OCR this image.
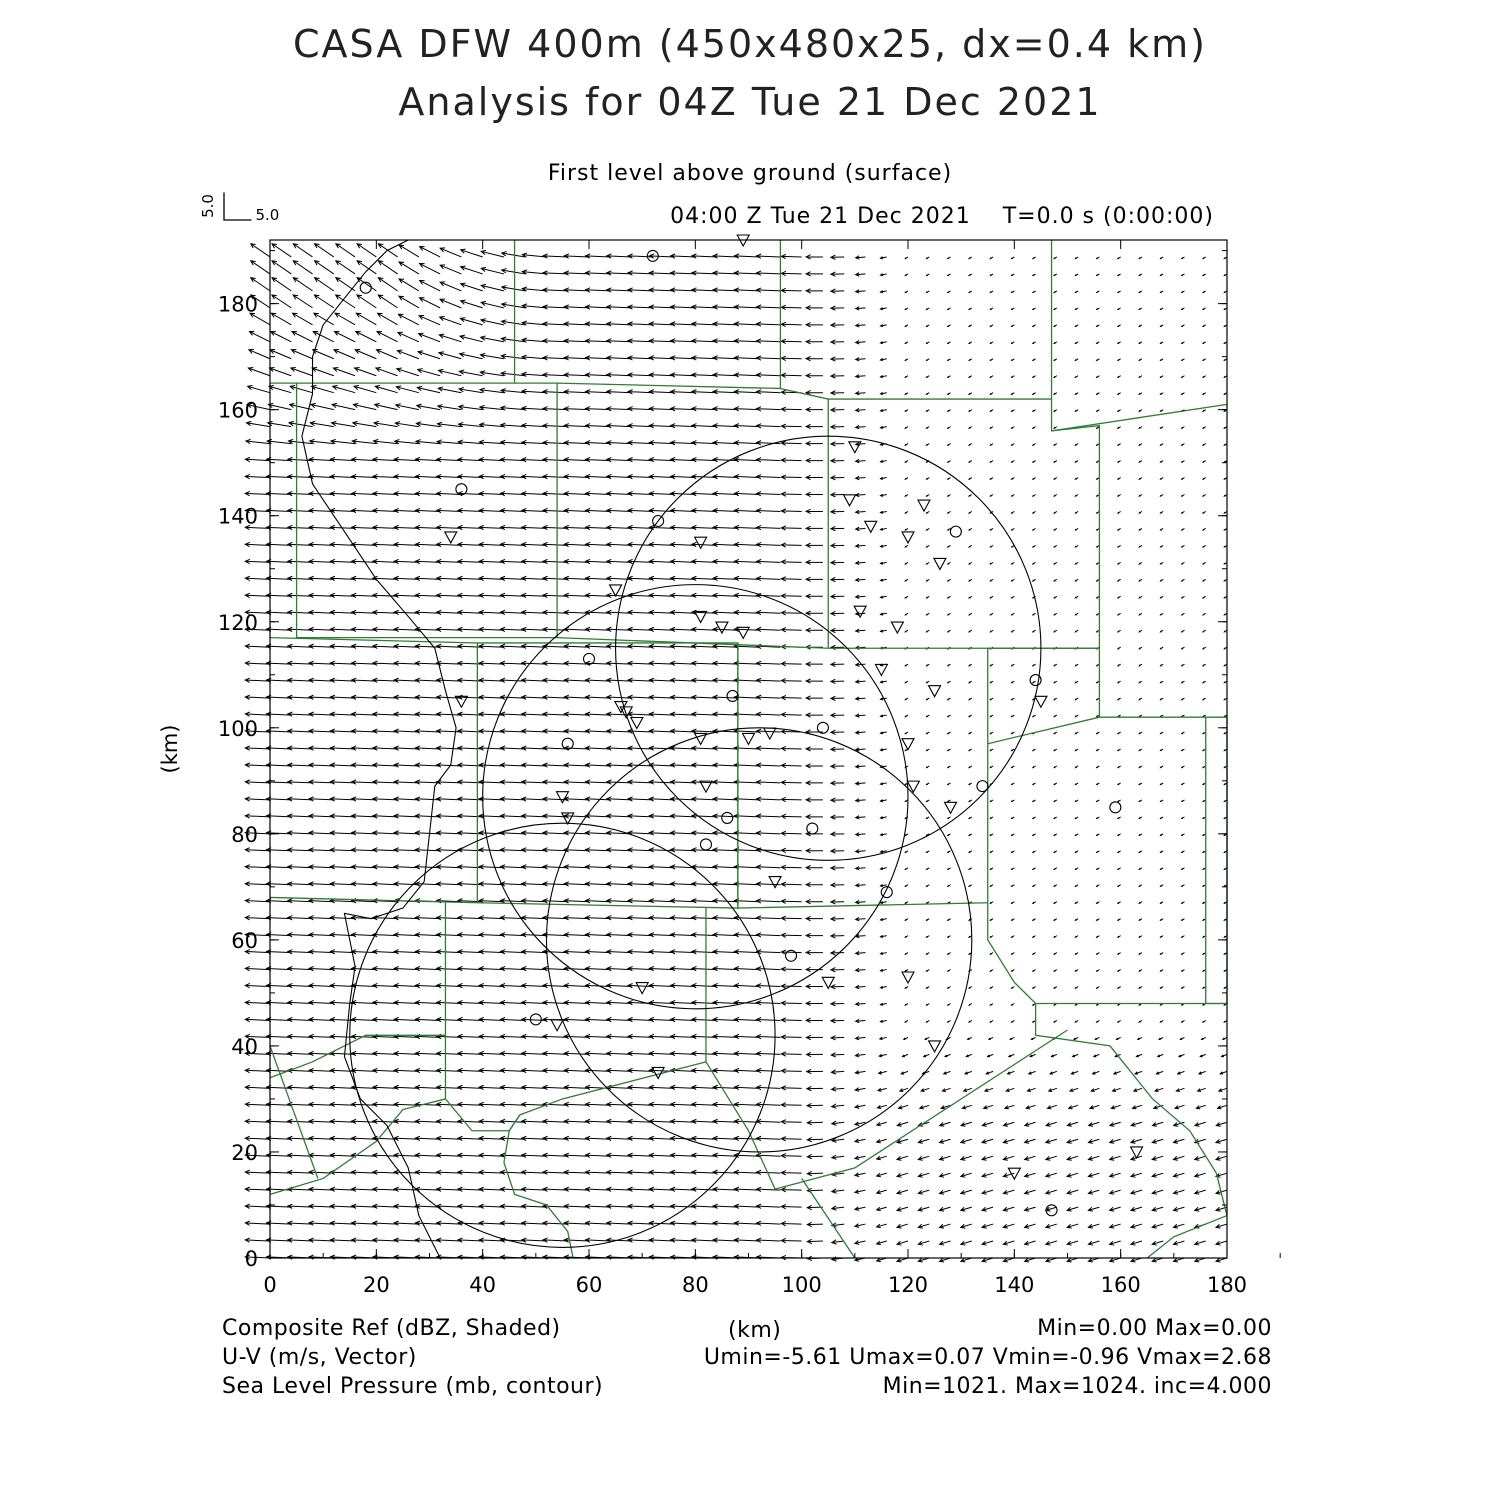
CASA DFW 400m (450x480x25, dx=0.4 km)
Analysis for 04Z Tue 21 Dec 2021
First level above ground (surface)
04:00 Z Tue 21 Dec 2021 T=0.0 s (0:00:00)
0	20	40	60	80	100	120	140	160	180
0
20
40
60
80
100
120
140
160
180
(km)
5.0	5.0
Composite Ref (dBZ, Shaded)	(km)	Min=0.00 Max=0.00
U-V (m/s, Vector)	Umin=-5.61 Umax=0.07 Vmin=-0.96 Vmax=2.68
Sea Level Pressure (mb, contour)	Min=1021. Max=1024. inc=4.000
